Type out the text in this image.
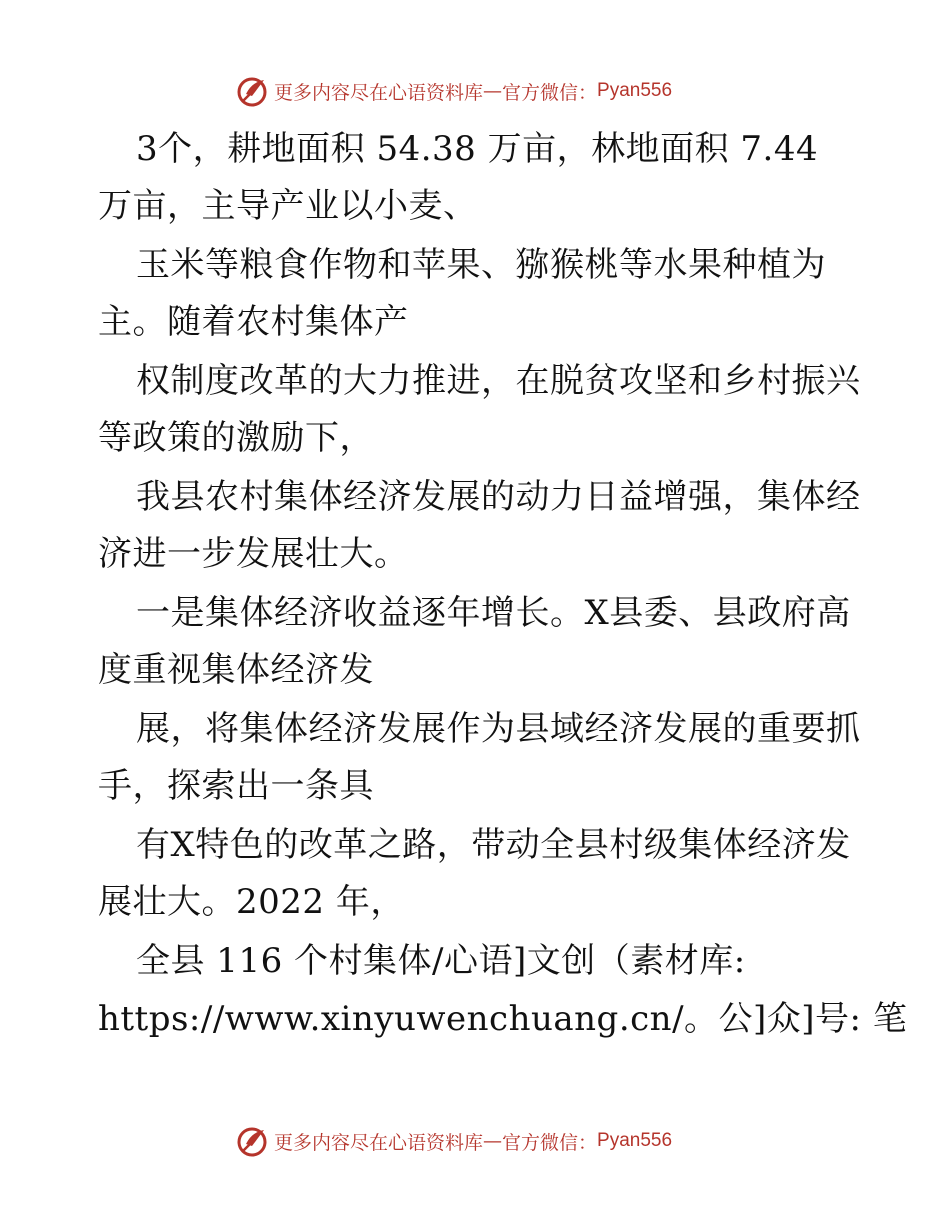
更多内容尽在心语资料库 — 官方微信： Pyan556
3个，耕地面积 54.38 万亩，林地面积 7.44
万亩，主导产业以小麦、
玉米等粮食作物和苹果、猕猴桃等水果种植为
主。随着农村集体产
权制度改革的大力推进，在脱贫攻坚和乡村振兴
等政策的激励下，
我县农村集体经济发展的动力日益增强，集体经
济进一步发展壮大。
一是集体经济收益逐年增长。X县委、县政府高
度重视集体经济发
展，将集体经济发展作为县域经济发展的重要抓
手，探索出一条具
有X特色的改革之路，带动全县村级集体经济发
展壮大。2022 年，
全县 116 个村集体/心语]文创（素材库:
https://www.xinyuwenchuang.cn/。公]众]号: 笔
更多内容尽在心语资料库 — 官方微信： Pyan556
